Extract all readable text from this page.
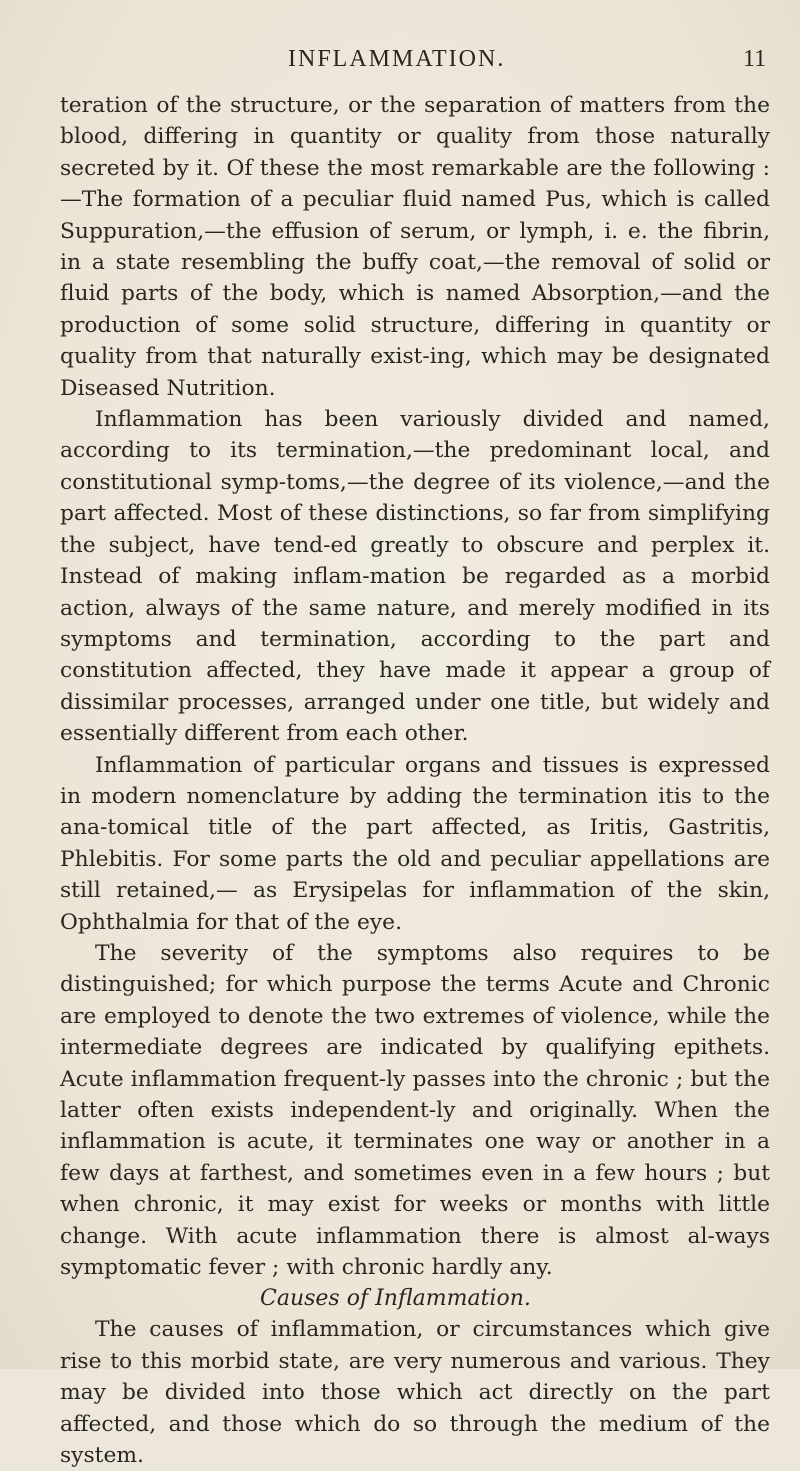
INFLAMMATION.	11

teration of the structure, or the separation of matters from the blood, differing in quantity or quality from those naturally secreted by it. Of these the most remarkable are the following :—The formation of a peculiar fluid named Pus, which is called Suppuration,—the effusion of serum, or lymph, i. e. the fibrin, in a state resembling the buffy coat,—the removal of solid or fluid parts of the body, which is named Absorption,—and the production of some solid structure, differing in quantity or quality from that naturally exist-ing, which may be designated Diseased Nutrition.

Inflammation has been variously divided and named, according to its termination,—the predominant local, and constitutional symp-toms,—the degree of its violence,—and the part affected. Most of these distinctions, so far from simplifying the subject, have tend-ed greatly to obscure and perplex it. Instead of making inflam-mation be regarded as a morbid action, always of the same nature, and merely modified in its symptoms and termination, according to the part and constitution affected, they have made it appear a group of dissimilar processes, arranged under one title, but widely and essentially different from each other.

Inflammation of particular organs and tissues is expressed in modern nomenclature by adding the termination itis to the ana-tomical title of the part affected, as Iritis, Gastritis, Phlebitis. For some parts the old and peculiar appellations are still retained,— as Erysipelas for inflammation of the skin, Ophthalmia for that of the eye.

The severity of the symptoms also requires to be distinguished; for which purpose the terms Acute and Chronic are employed to denote the two extremes of violence, while the intermediate degrees are indicated by qualifying epithets. Acute inflammation frequent-ly passes into the chronic ; but the latter often exists independent-ly and originally. When the inflammation is acute, it terminates one way or another in a few days at farthest, and sometimes even in a few hours ; but when chronic, it may exist for weeks or months with little change. With acute inflammation there is almost al-ways symptomatic fever ; with chronic hardly any.

Causes of Inflammation.

The causes of inflammation, or circumstances which give rise to this morbid state, are very numerous and various. They may be divided into those which act directly on the part affected, and those which do so through the medium of the system.
